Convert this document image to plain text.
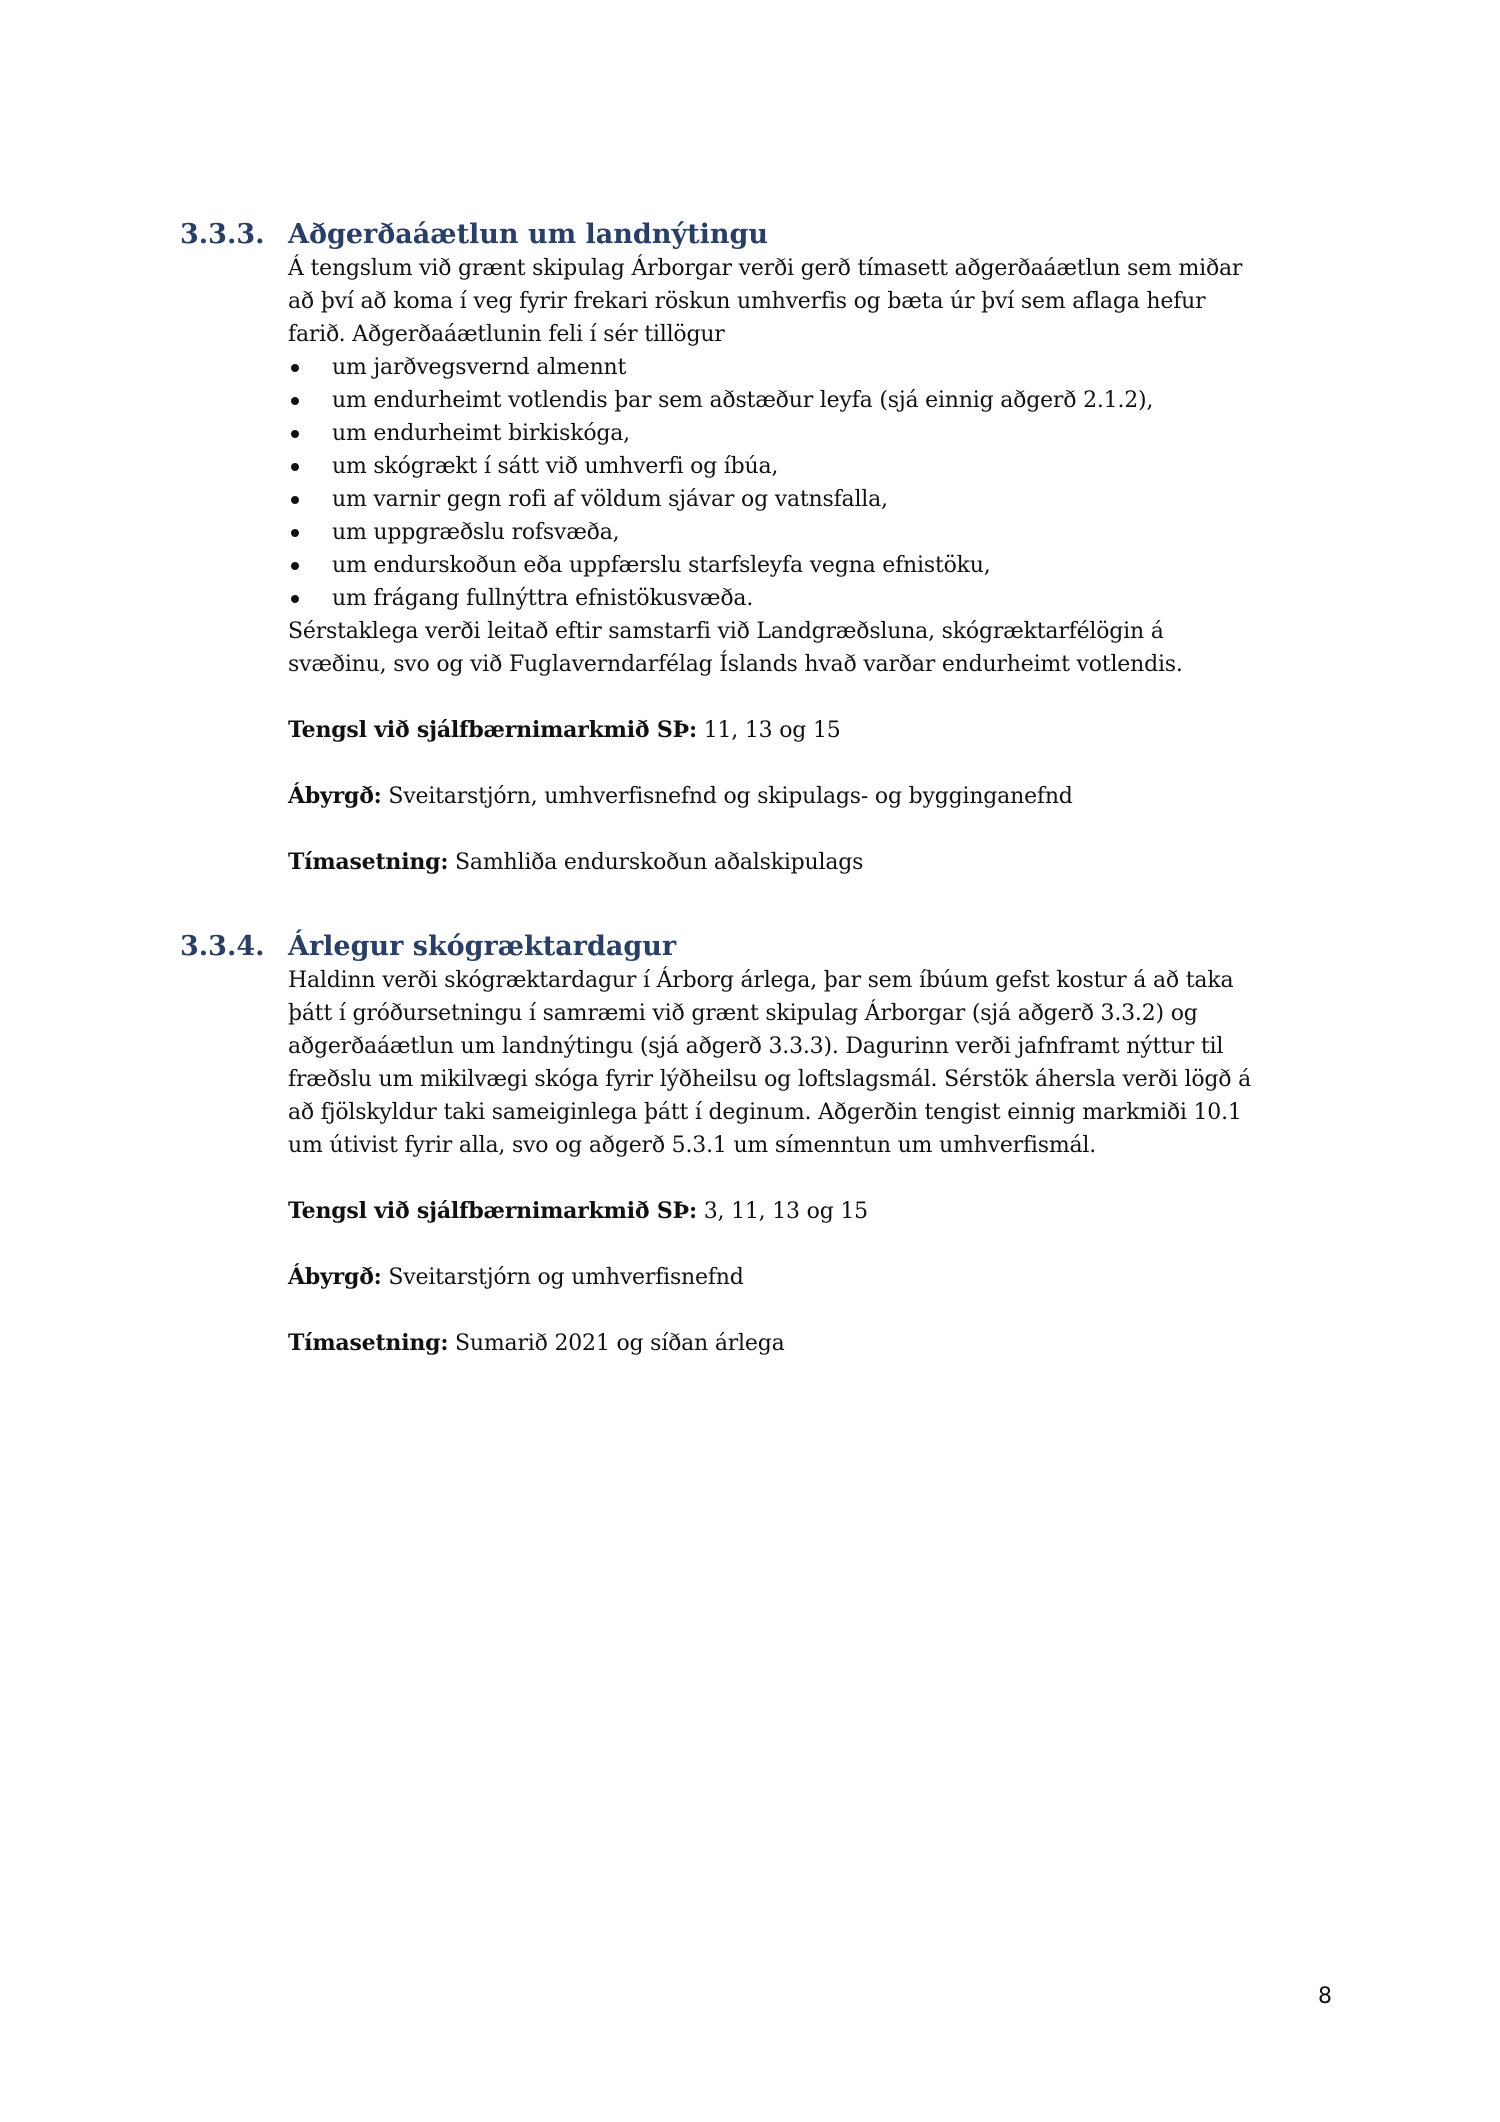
3.3.3. Aðgerðaáætlun um landnýtingu
Á tengslum við grænt skipulag Árborgar verði gerð tímasett aðgerðaáætlun sem miðar
að því að koma í veg fyrir frekari röskun umhverfis og bæta úr því sem aflaga hefur
farið. Aðgerðaáætlunin feli í sér tillögur
um jarðvegsvernd almennt
um endurheimt votlendis þar sem aðstæður leyfa (sjá einnig aðgerð 2.1.2),
um endurheimt birkiskóga,
um skógrækt í sátt við umhverfi og íbúa,
um varnir gegn rofi af völdum sjávar og vatnsfalla,
um uppgræðslu rofsvæða,
um endurskoðun eða uppfærslu starfsleyfa vegna efnistöku,
um frágang fullnýttra efnistökusvæða.
Sérstaklega verði leitað eftir samstarfi við Landgræðsluna, skógræktarfélögin á
svæðinu, svo og við Fuglaverndarfélag Íslands hvað varðar endurheimt votlendis.
Tengsl við sjálfbærnimarkmið SÞ: 11, 13 og 15
Ábyrgð: Sveitarstjórn, umhverfisnefnd og skipulags- og bygginganefnd
Tímasetning: Samhliða endurskoðun aðalskipulags
3.3.4. Árlegur skógræktardagur
Haldinn verði skógræktardagur í Árborg árlega, þar sem íbúum gefst kostur á að taka
þátt í gróðursetningu í samræmi við grænt skipulag Árborgar (sjá aðgerð 3.3.2) og
aðgerðaáætlun um landnýtingu (sjá aðgerð 3.3.3). Dagurinn verði jafnframt nýttur til
fræðslu um mikilvægi skóga fyrir lýðheilsu og loftslagsmál. Sérstök áhersla verði lögð á
að fjölskyldur taki sameiginlega þátt í deginum. Aðgerðin tengist einnig markmiði 10.1
um útivist fyrir alla, svo og aðgerð 5.3.1 um símenntun um umhverfismál.
Tengsl við sjálfbærnimarkmið SÞ: 3, 11, 13 og 15
Ábyrgð: Sveitarstjórn og umhverfisnefnd
Tímasetning: Sumarið 2021 og síðan árlega
8
